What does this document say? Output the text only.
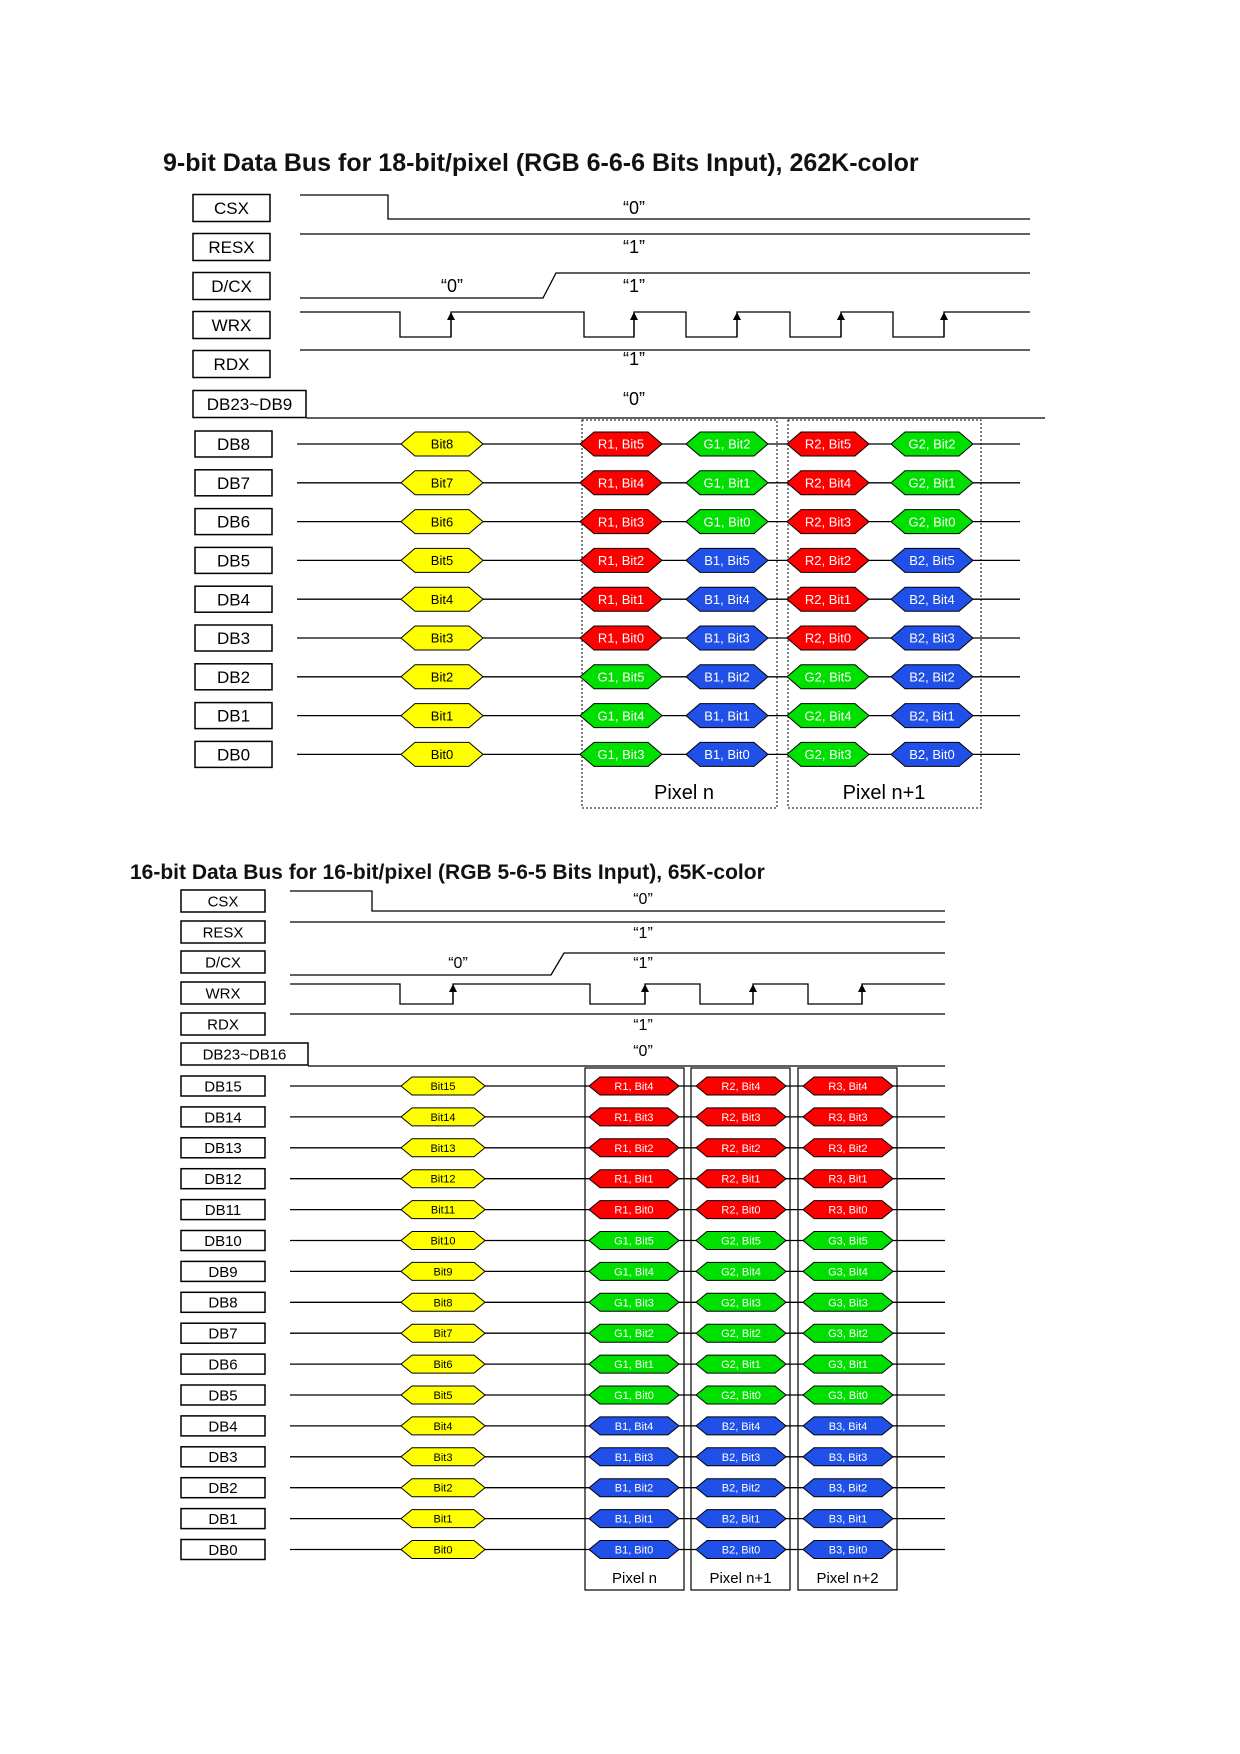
9-bit Data Bus for 18-bit/pixel (RGB 6-6-6 Bits Input), 262K-color
CSX
RESX
D/CX
WRX
RDX
DB23~DB9
“0”
“1”
“0”	“1”
“1”
“0”
Pixel n	Pixel n+1
DB8	Bit8	R1, Bit5	G1, Bit2	R2, Bit5	G2, Bit2
DB7	Bit7	R1, Bit4	G1, Bit1	R2, Bit4	G2, Bit1
DB6	Bit6	R1, Bit3	G1, Bit0	R2, Bit3	G2, Bit0
DB5	Bit5	R1, Bit2	B1, Bit5	R2, Bit2	B2, Bit5
DB4	Bit4	R1, Bit1	B1, Bit4	R2, Bit1	B2, Bit4
DB3	Bit3	R1, Bit0	B1, Bit3	R2, Bit0	B2, Bit3
DB2	Bit2	G1, Bit5	B1, Bit2	G2, Bit5	B2, Bit2
DB1	Bit1	G1, Bit4	B1, Bit1	G2, Bit4	B2, Bit1
DB0	Bit0	G1, Bit3	B1, Bit0	G2, Bit3	B2, Bit0
16-bit Data Bus for 16-bit/pixel (RGB 5-6-5 Bits Input), 65K-color
CSX
RESX
D/CX
WRX
RDX
DB23~DB16
“0”
“1”
“0”	“1”
“1”
“0”
Pixel n	Pixel n+1	Pixel n+2
DB15	Bit15	R1, Bit4	R2, Bit4	R3, Bit4
DB14	Bit14	R1, Bit3	R2, Bit3	R3, Bit3
DB13	Bit13	R1, Bit2	R2, Bit2	R3, Bit2
DB12	Bit12	R1, Bit1	R2, Bit1	R3, Bit1
DB11	Bit11	R1, Bit0	R2, Bit0	R3, Bit0
DB10	Bit10	G1, Bit5	G2, Bit5	G3, Bit5
DB9	Bit9	G1, Bit4	G2, Bit4	G3, Bit4
DB8	Bit8	G1, Bit3	G2, Bit3	G3, Bit3
DB7	Bit7	G1, Bit2	G2, Bit2	G3, Bit2
DB6	Bit6	G1, Bit1	G2, Bit1	G3, Bit1
DB5	Bit5	G1, Bit0	G2, Bit0	G3, Bit0
DB4	Bit4	B1, Bit4	B2, Bit4	B3, Bit4
DB3	Bit3	B1, Bit3	B2, Bit3	B3, Bit3
DB2	Bit2	B1, Bit2	B2, Bit2	B3, Bit2
DB1	Bit1	B1, Bit1	B2, Bit1	B3, Bit1
DB0	Bit0	B1, Bit0	B2, Bit0	B3, Bit0
